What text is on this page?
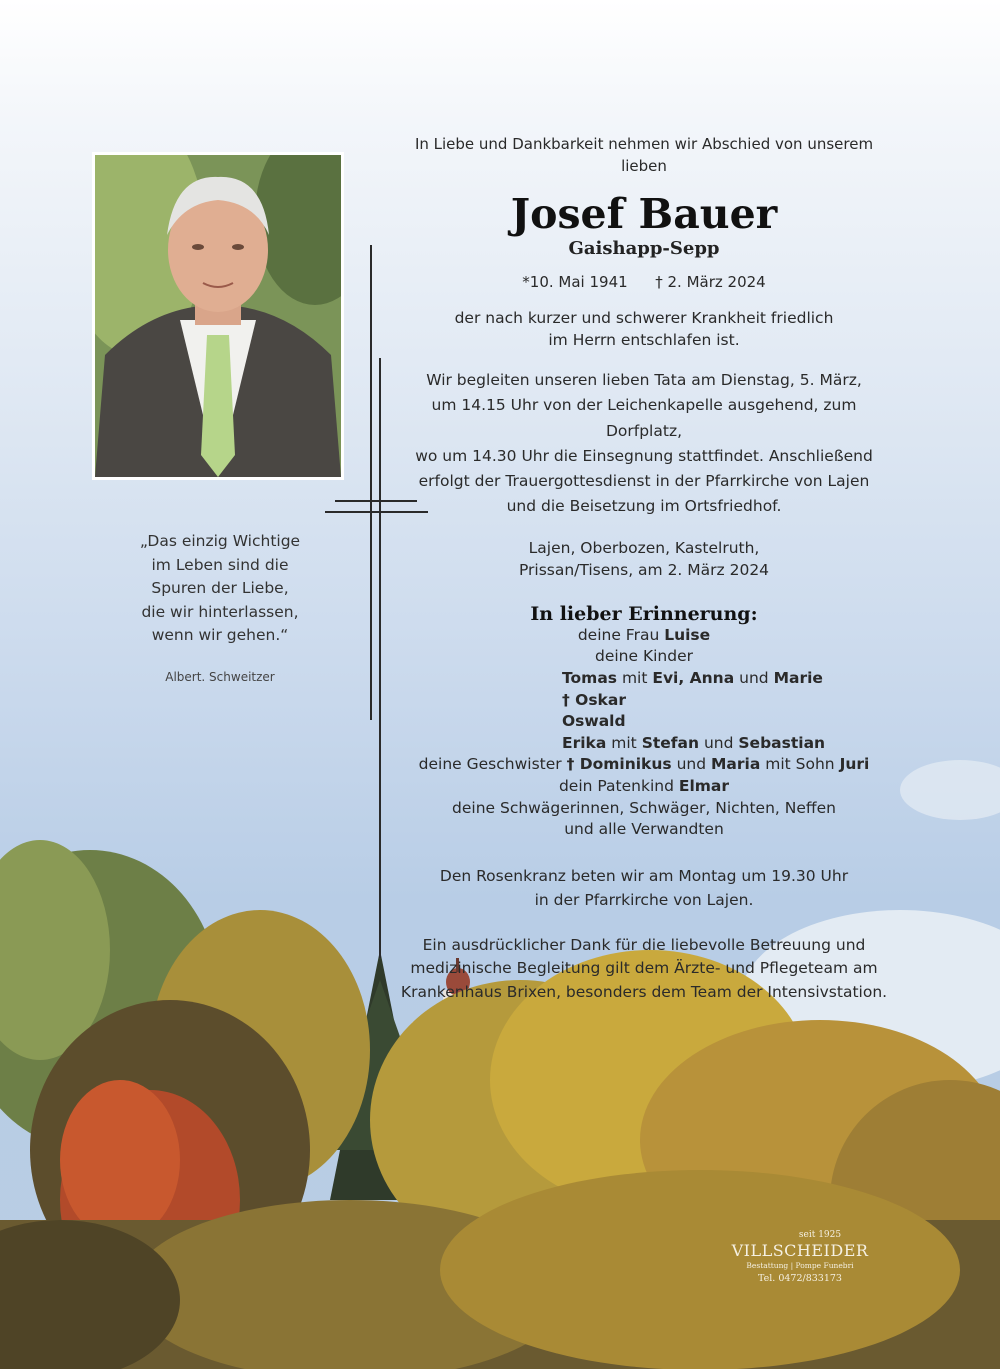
„Das einzig Wichtige
im Leben sind die
Spuren der Liebe,
die wir hinterlassen,
wenn wir gehen.“
Albert. Schweitzer
In Liebe und Dankbarkeit nehmen wir Abschied von unserem lieben
Josef Bauer
Gaishapp-Sepp
*10. Mai 1941 † 2. März 2024
der nach kurzer und schwerer Krankheit friedlich
im Herrn entschlafen ist.
Wir begleiten unseren lieben Tata am Dienstag, 5. März,
um 14.15 Uhr von der Leichenkapelle ausgehend, zum Dorfplatz,
wo um 14.30 Uhr die Einsegnung stattfindet. Anschließend
erfolgt der Trauergottesdienst in der Pfarrkirche von Lajen
und die Beisetzung im Ortsfriedhof.
Lajen, Oberbozen, Kastelruth,
Prissan/Tisens, am 2. März 2024
In lieber Erinnerung:
deine Frau Luise
deine Kinder
Tomas mit Evi, Anna und Marie
† Oskar
Oswald
Erika mit Stefan und Sebastian
deine Geschwister † Dominikus und Maria mit Sohn Juri
dein Patenkind Elmar
deine Schwägerinnen, Schwäger, Nichten, Neffen
und alle Verwandten
Den Rosenkranz beten wir am Montag um 19.30 Uhr
in der Pfarrkirche von Lajen.
Ein ausdrücklicher Dank für die liebevolle Betreuung und
medizinische Begleitung gilt dem Ärzte- und Pflegeteam am
Krankenhaus Brixen, besonders dem Team der Intensivstation.
seit 1925
VILLSCHEIDER
Bestattung | Pompe Funebri
Tel. 0472/833173
